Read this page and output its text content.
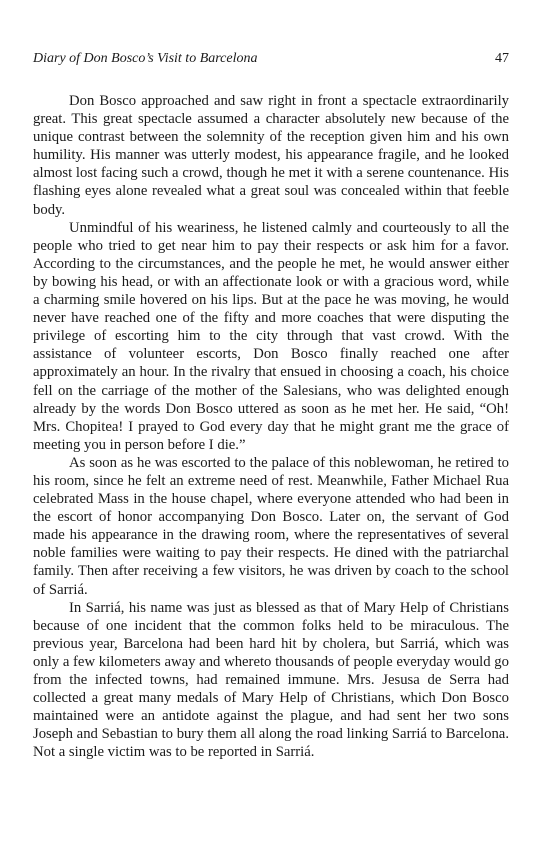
Diary of Don Bosco’s Visit to Barcelona	47

Don Bosco approached and saw right in front a spectacle extraordinarily great. This great spectacle assumed a character absolutely new because of the unique contrast between the solemnity of the reception given him and his own humility. His manner was utterly modest, his appearance fragile, and he looked almost lost facing such a crowd, though he met it with a serene countenance. His flashing eyes alone revealed what a great soul was concealed within that feeble body.

Unmindful of his weariness, he listened calmly and courteously to all the people who tried to get near him to pay their respects or ask him for a favor. According to the circumstances, and the people he met, he would answer either by bowing his head, or with an affectionate look or with a gracious word, while a charming smile hovered on his lips. But at the pace he was moving, he would never have reached one of the fifty and more coaches that were disputing the privilege of escorting him to the city through that vast crowd. With the assistance of volunteer escorts, Don Bosco finally reached one after approximately an hour. In the rivalry that ensued in choosing a coach, his choice fell on the carriage of the mother of the Salesians, who was delighted enough already by the words Don Bosco uttered as soon as he met her. He said, “Oh! Mrs. Chopitea! I prayed to God every day that he might grant me the grace of meeting you in person before I die.”

As soon as he was escorted to the palace of this noblewoman, he retired to his room, since he felt an extreme need of rest. Meanwhile, Father Michael Rua celebrated Mass in the house chapel, where everyone attended who had been in the escort of honor accompanying Don Bosco. Later on, the servant of God made his appearance in the drawing room, where the representatives of several noble families were waiting to pay their respects. He dined with the patriarchal family. Then after receiving a few visitors, he was driven by coach to the school of Sarriá.

In Sarriá, his name was just as blessed as that of Mary Help of Christians because of one incident that the common folks held to be miraculous. The previous year, Barcelona had been hard hit by cholera, but Sarriá, which was only a few kilometers away and whereto thousands of people everyday would go from the infected towns, had remained immune. Mrs. Jesusa de Serra had collected a great many medals of Mary Help of Christians, which Don Bosco maintained were an antidote against the plague, and had sent her two sons Joseph and Sebastian to bury them all along the road linking Sarriá to Barcelona. Not a single victim was to be reported in Sarriá.
